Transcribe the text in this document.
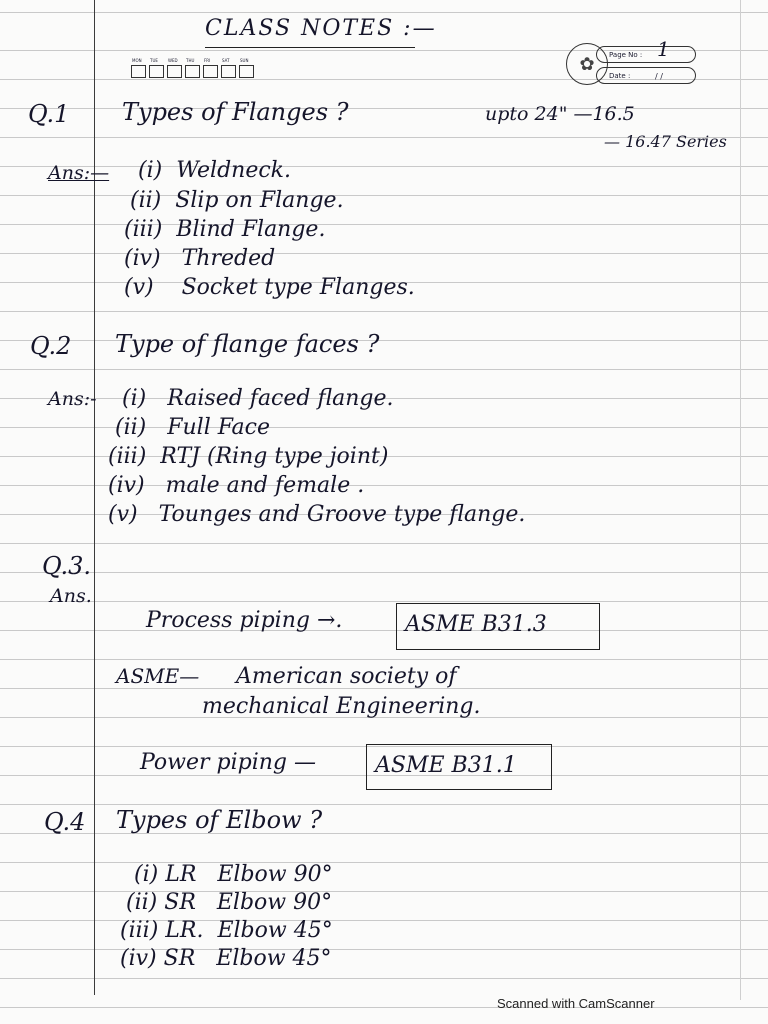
CLASS NOTES :—
MON TUE	WED THU FRI	SAT	SUN
Page No : 1
Date :	/ /
✿
Q.1 Types of Flanges ?	upto 24" —16.5
— 16.47 Series
Ans:— (i) Weldneck.
(ii) Slip on Flange.
(iii) Blind Flange.
(iv) Threded
(v) Socket type Flanges.
Q.2 Type of flange faces ?
Ans:- (i) Raised faced flange.
(ii) Full Face
(iii) RTJ (Ring type joint)
(iv) male and female .
(v) Tounges and Groove type flange.
Q.3.
Ans.
Process piping →.	ASME B31.3
ASME— American society of
mechanical Engineering.
Power piping —	ASME B31.1
Q.4 Types of Elbow ?
(i) LR Elbow 90°
(ii) SR Elbow 90°
(iii) LR. Elbow 45°
(iv) SR Elbow 45°
Scanned with CamScanner
